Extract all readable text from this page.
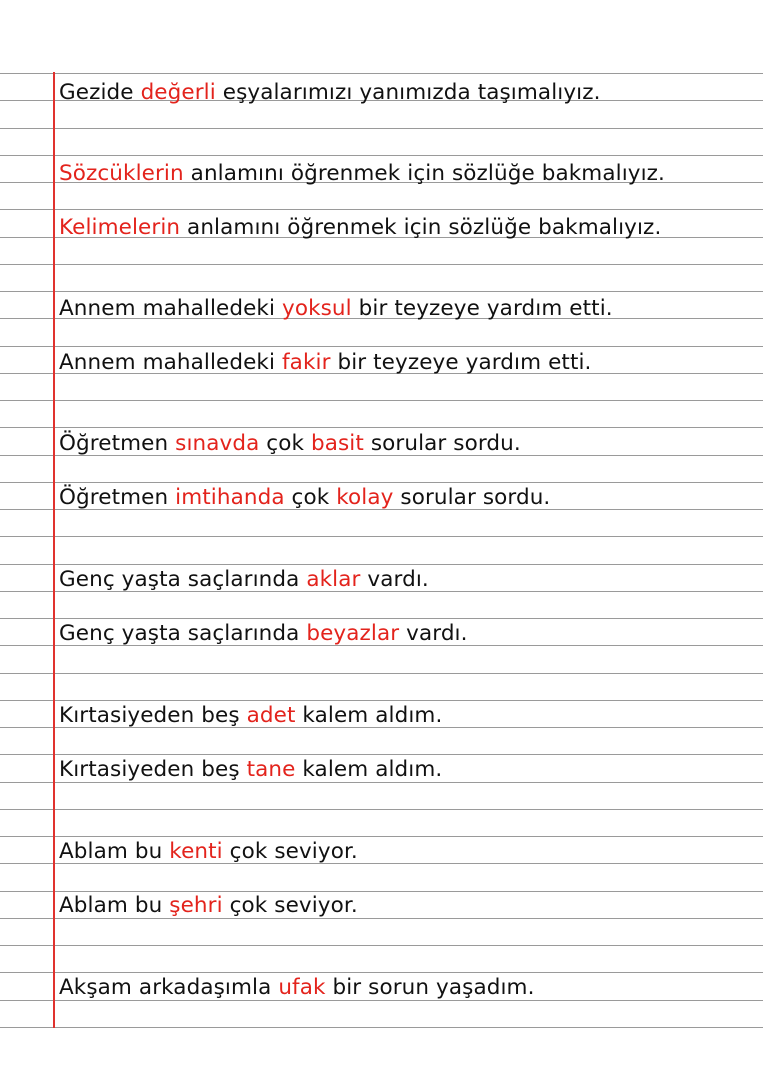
Gezide değerli eşyalarımızı yanımızda taşımalıyız.
Sözcüklerin anlamını öğrenmek için sözlüğe bakmalıyız.
Kelimelerin anlamını öğrenmek için sözlüğe bakmalıyız.
Annem mahalledeki yoksul bir teyzeye yardım etti.
Annem mahalledeki fakir bir teyzeye yardım etti.
Öğretmen sınavda çok basit sorular sordu.
Öğretmen imtihanda çok kolay sorular sordu.
Genç yaşta saçlarında aklar vardı.
Genç yaşta saçlarında beyazlar vardı.
Kırtasiyeden beş adet kalem aldım.
Kırtasiyeden beş tane kalem aldım.
Ablam bu kenti çok seviyor.
Ablam bu şehri çok seviyor.
Akşam arkadaşımla ufak bir sorun yaşadım.
